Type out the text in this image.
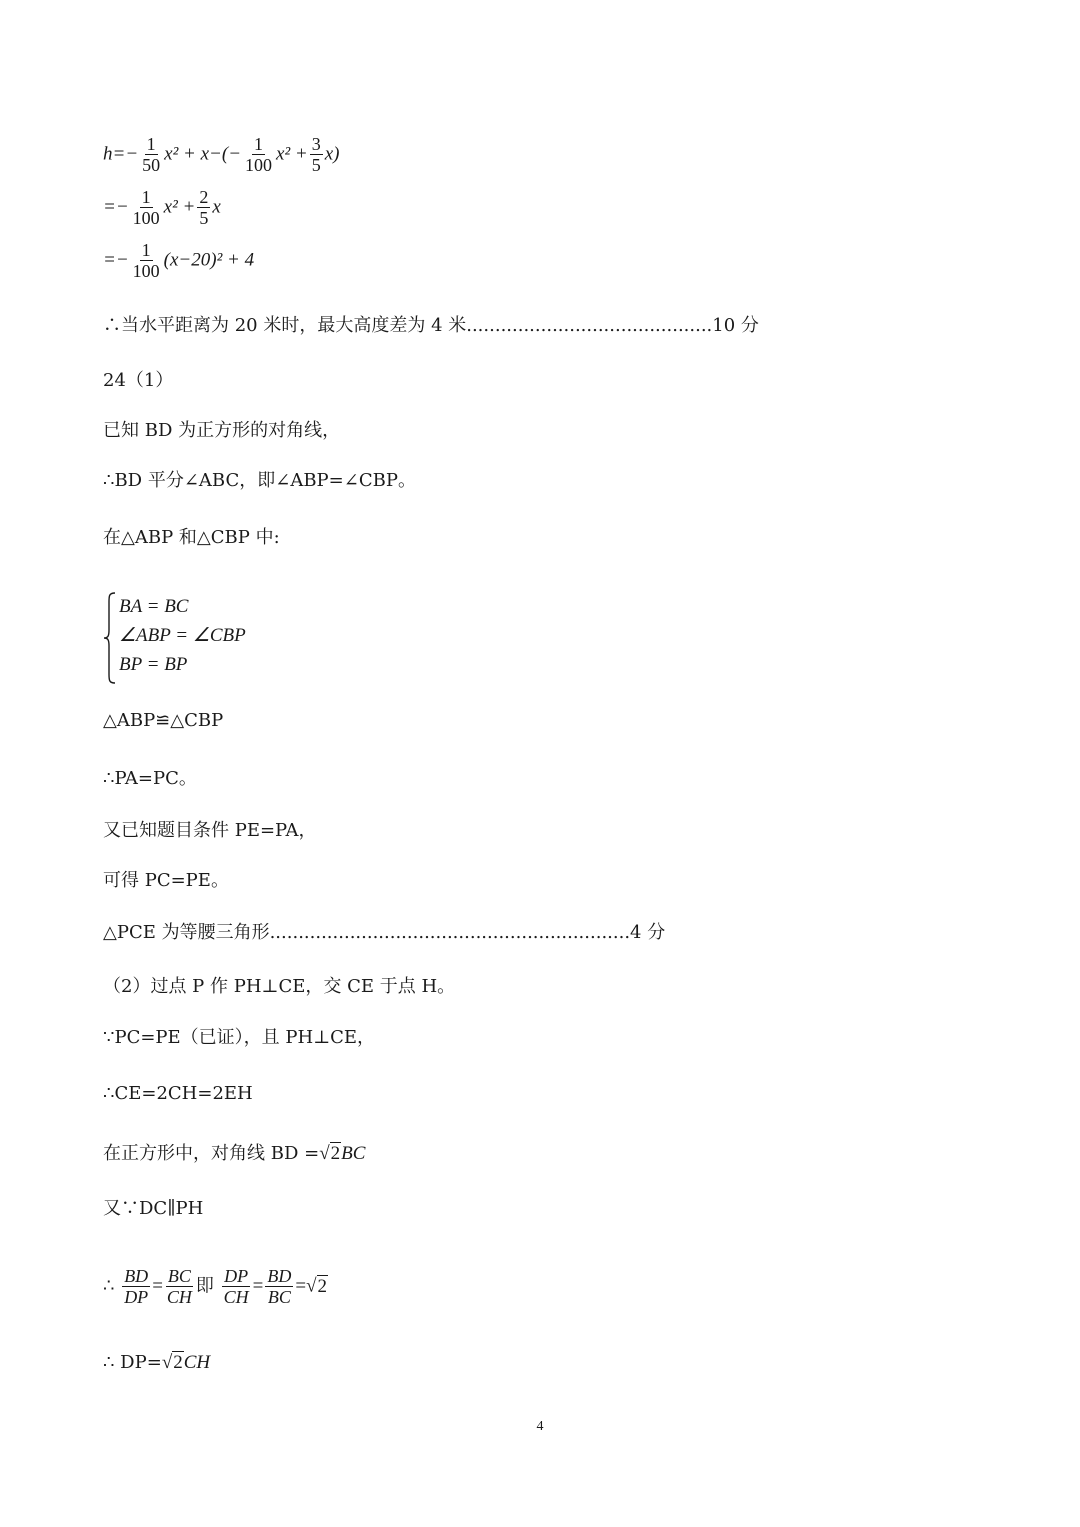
$h=- \frac{1}{50} x^2 + x-(- \frac{1}{100} x^2 + \frac{3}{5} x)$
=− $\frac{1}{100} x^2 + \frac{2}{5}$ x
=− $\frac{1}{100} (x-20)^2 + 4$
∴当水平距离为 20 米时，最大高度差为 4 米...........................................10 分
24（1）
已知 BD 为正方形的对角线，
∴BD 平分∠ABC，即∠ABP=∠CBP。
在△ABP 和△CBP 中:
BA = BC
∠ABP = ∠CBP
BP = BP
△ABP≌△CBP
∴PA=PC。
又已知题目条件 PE=PA，
可得 PC=PE。
△PCE 为等腰三角形...............................................................4 分
（2）过点 P 作 PH⊥CE，交 CE 于点 H。
∵PC=PE（已证），且 PH⊥CE，
∴CE=2CH=2EH
在正方形中，对角线 BD =√2BC
又∵DC∥PH
∴ $\frac{BD}{DP} = \frac{BC}{CH}$ 即 $\frac{DP}{CH} = \frac{BD}{BC} =√2$
∴ DP=√2CH
4
